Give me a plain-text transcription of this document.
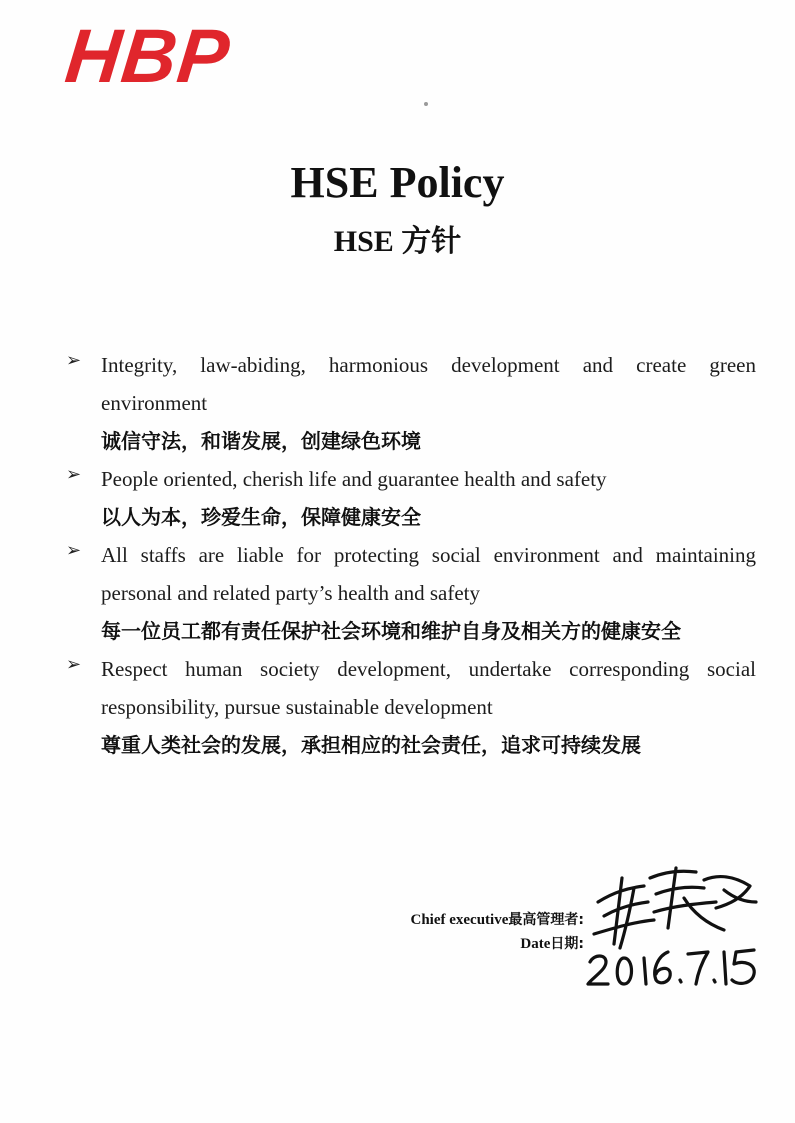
HBP
HSE Policy
HSE 方针
➢ Integrity, law-abiding, harmonious development and create green environment
诚信守法，和谐发展，创建绿色环境
➢ People oriented, cherish life and guarantee health and safety
以人为本，珍爱生命，保障健康安全
➢ All staffs are liable for protecting social environment and maintaining personal and related party’s health and safety
每一位员工都有责任保护社会环境和维护自身及相关方的健康安全
➢ Respect human society development, undertake corresponding social responsibility, pursue sustainable development
尊重人类社会的发展，承担相应的社会责任，追求可持续发展
Chief executive最高管理者:
Date日期:
